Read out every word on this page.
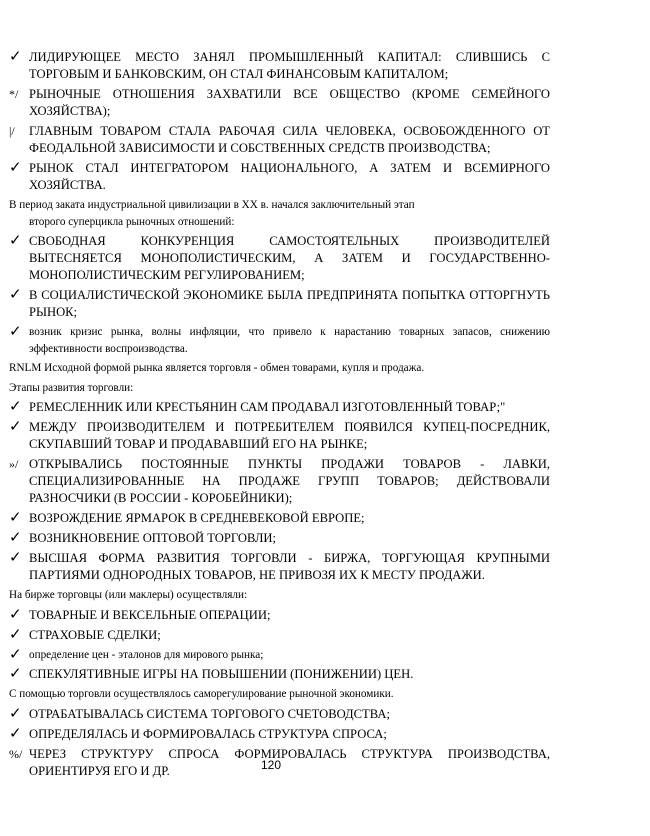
✓ ЛИДИРУЮЩЕЕ МЕСТО ЗАНЯЛ ПРОМЫШЛЕННЫЙ КАПИТАЛ: СЛИВШИСЬ С ТОРГОВЫМ И БАНКОВСКИМ, ОН СТАЛ ФИНАНСОВЫМ КАПИТАЛОМ;
*/ РЫНОЧНЫЕ ОТНОШЕНИЯ ЗАХВАТИЛИ ВСЕ ОБЩЕСТВО (КРОМЕ СЕМЕЙНОГО ХОЗЯЙСТВА);
|/ ГЛАВНЫМ ТОВАРОМ СТАЛА РАБОЧАЯ СИЛА ЧЕЛОВЕКА, ОСВОБОЖДЕННОГО ОТ ФЕОДАЛЬНОЙ ЗАВИСИМОСТИ И СОБСТВЕННЫХ СРЕДСТВ ПРОИЗВОДСТВА;
✓ РЫНОК СТАЛ ИНТЕГРАТОРОМ НАЦИОНАЛЬНОГО, А ЗАТЕМ И ВСЕМИРНОГО ХОЗЯЙСТВА.
В период заката индустриальной цивилизации в XX в. начался заключительный этап
второго суперцикла рыночных отношений:
✓ СВОБОДНАЯ КОНКУРЕНЦИЯ САМОСТОЯТЕЛЬНЫХ ПРОИЗВОДИТЕЛЕЙ ВЫТЕСНЯЕТСЯ МОНОПОЛИСТИЧЕСКИМ, А ЗАТЕМ И ГОСУДАРСТВЕННО-МОНОПОЛИСТИЧЕСКИМ РЕГУЛИРОВАНИЕМ;
✓ В СОЦИАЛИСТИЧЕСКОЙ ЭКОНОМИКЕ БЫЛА ПРЕДПРИНЯТА ПОПЫТКА ОТТОРГНУТЬ РЫНОК;
✓ возник кризис рынка, волны инфляции, что привело к нарастанию товарных запасов, снижению эффективности воспроизводства.
RNLM Исходной формой рынка является торговля - обмен товарами, купля и продажа.
Этапы развития торговли:
✓ РЕМЕСЛЕННИК ИЛИ КРЕСТЬЯНИН САМ ПРОДАВАЛ ИЗГОТОВЛЕННЫЙ ТОВАР;"
✓ МЕЖДУ ПРОИЗВОДИТЕЛЕМ И ПОТРЕБИТЕЛЕМ ПОЯВИЛСЯ КУПЕЦ-ПОСРЕДНИК, СКУПАВШИЙ ТОВАР И ПРОДАВАВШИЙ ЕГО НА РЫНКЕ;
»/ ОТКРЫВАЛИСЬ ПОСТОЯННЫЕ ПУНКТЫ ПРОДАЖИ ТОВАРОВ - ЛАВКИ, СПЕЦИАЛИЗИРОВАННЫЕ НА ПРОДАЖЕ ГРУПП ТОВАРОВ; ДЕЙСТВОВАЛИ РАЗНОСЧИКИ (В РОССИИ - КОРОБЕЙНИКИ);
✓ ВОЗРОЖДЕНИЕ ЯРМАРОК В СРЕДНЕВЕКОВОЙ ЕВРОПЕ;
✓ ВОЗНИКНОВЕНИЕ ОПТОВОЙ ТОРГОВЛИ;
✓ ВЫСШАЯ ФОРМА РАЗВИТИЯ ТОРГОВЛИ - БИРЖА, ТОРГУЮЩАЯ КРУПНЫМИ ПАРТИЯМИ ОДНОРОДНЫХ ТОВАРОВ, НЕ ПРИВОЗЯ ИХ К МЕСТУ ПРОДАЖИ.
На бирже торговцы (или маклеры) осуществляли:
✓ ТОВАРНЫЕ И ВЕКСЕЛЬНЫЕ ОПЕРАЦИИ;
✓ СТРАХОВЫЕ СДЕЛКИ;
✓ определение цен - эталонов для мирового рынка;
✓ СПЕКУЛЯТИВНЫЕ ИГРЫ НА ПОВЫШЕНИИ (ПОНИЖЕНИИ) ЦЕН.
С помощью торговли осуществлялось саморегулирование рыночной экономики.
✓ ОТРАБАТЫВАЛАСЬ СИСТЕМА ТОРГОВОГО СЧЕТОВОДСТВА;
✓ ОПРЕДЕЛЯЛАСЬ И ФОРМИРОВАЛАСЬ СТРУКТУРА СПРОСА;
%/ ЧЕРЕЗ СТРУКТУРУ СПРОСА ФОРМИРОВАЛАСЬ СТРУКТУРА ПРОИЗВОДСТВА, ОРИЕНТИРУЯ ЕГО И ДР.	120
